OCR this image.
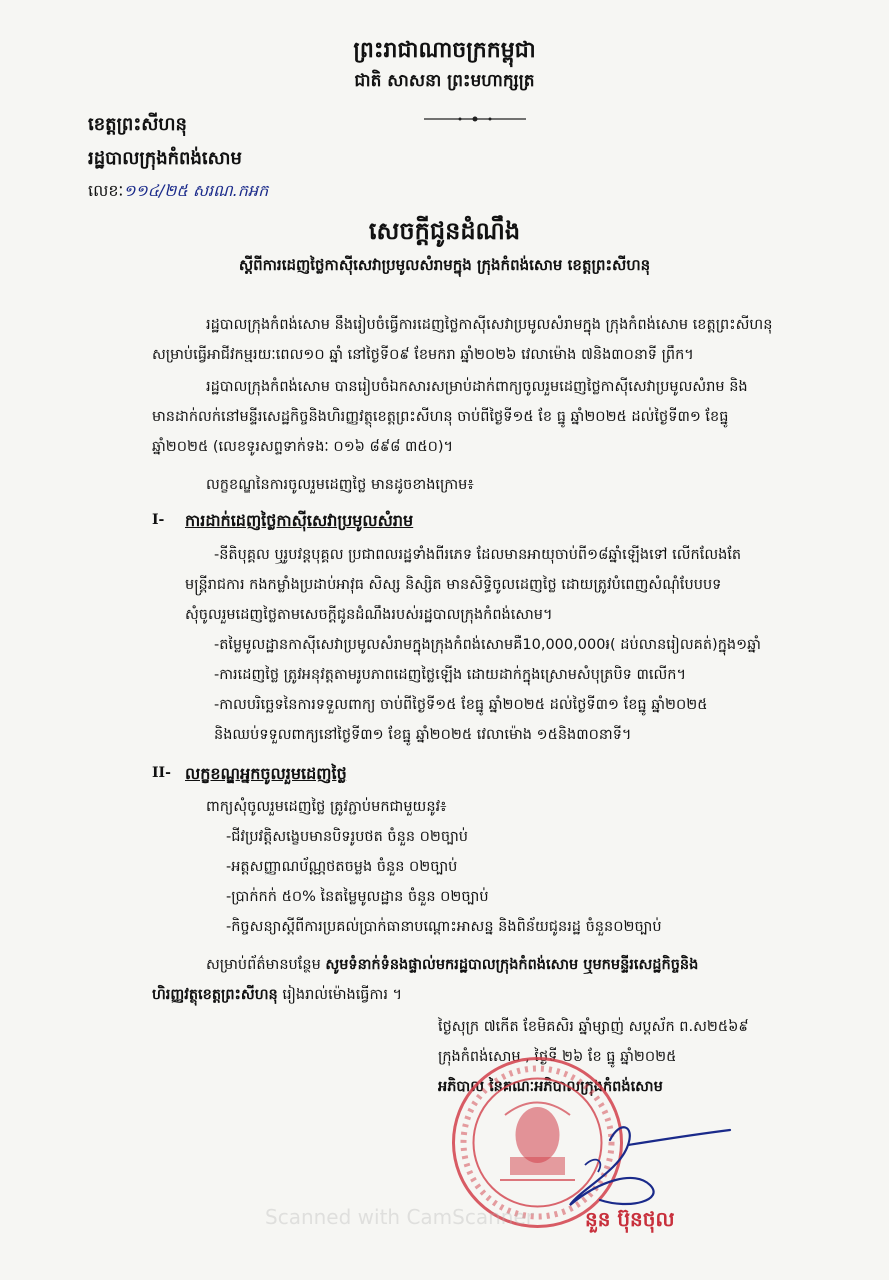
ព្រះរាជាណាចក្រកម្ពុជា
ជាតិ សាសនា ព្រះមហាក្សត្រ
ខេត្តព្រះសីហនុ
រដ្ឋបាលក្រុងកំពង់សោម
លេខៈ១១៤/២៥ សរណ.កអក
សេចក្តីជូនដំណឹង
ស្តីពីការដេញថ្លៃកាស៊ីសេវាប្រមូលសំរាមក្នុង ក្រុងកំពង់សោម ខេត្តព្រះសីហនុ
រដ្ឋបាលក្រុងកំពង់សោម នឹងរៀបចំធ្វើការដេញថ្លៃកាស៊ីសេវាប្រមូលសំរាមក្នុង ក្រុងកំពង់សោម ខេត្តព្រះសីហនុ
សម្រាប់ធ្វើអាជីវកម្មរយៈពេល១០ ឆ្នាំ នៅថ្ងៃទី០៩ ខែមករា ឆ្នាំ២០២៦ វេលាម៉ោង ៧និង៣០នាទី ព្រឹក។
រដ្ឋបាលក្រុងកំពង់សោម បានរៀបចំឯកសារសម្រាប់ដាក់ពាក្យចូលរួមដេញថ្លៃកាស៊ីសេវាប្រមូលសំរាម និង
មានដាក់លក់នៅមន្ទីរសេដ្ឋកិច្ចនិងហិរញ្ញវត្ថុខេត្តព្រះសីហនុ ចាប់ពីថ្ងៃទី១៥ ខែ ធ្នូ ឆ្នាំ២០២៥ ដល់ថ្ងៃទី៣១ ខែធ្នូ
ឆ្នាំ២០២៥ (លេខទូរសព្ទទាក់ទងៈ ០១៦ ៨៩៨ ៣៥០)។
លក្ខខណ្ឌនៃការចូលរួមដេញថ្លៃ មានដូចខាងក្រោម៖
I- ការដាក់ដេញថ្លៃកាស៊ីសេវាប្រមូលសំរាម
-នីតិបុគ្គល ឬរូបវន្តបុគ្គល ប្រជាពលរដ្ឋទាំងពីរភេទ ដែលមានអាយុចាប់ពី១៨ឆ្នាំឡើងទៅ លើកលែងតែ
មន្ត្រីរាជការ កងកម្លាំងប្រដាប់អាវុធ សិស្ស និស្សិត មានសិទ្ធិចូលដេញថ្លៃ ដោយត្រូវបំពេញសំណុំបែបបទ
សុំចូលរួមដេញថ្លៃតាមសេចក្តីជូនដំណឹងរបស់រដ្ឋបាលក្រុងកំពង់សោម។
-តម្លៃមូលដ្ឋានកាស៊ីសេវាប្រមូលសំរាមក្នុងក្រុងកំពង់សោមគឺ10,000,000៛( ដប់លានរៀលគត់)ក្នុង១ឆ្នាំ
-ការដេញថ្លៃ ត្រូវអនុវត្តតាមរូបភាពដេញថ្លៃឡើង ដោយដាក់ក្នុងស្រោមសំបុត្របិទ ៣លើក។
-កាលបរិច្ឆេទនៃការទទួលពាក្យ ចាប់ពីថ្ងៃទី១៥ ខែធ្នូ ឆ្នាំ២០២៥ ដល់ថ្ងៃទី៣១ ខែធ្នូ ឆ្នាំ២០២៥
និងឈប់ទទួលពាក្យនៅថ្ងៃទី៣១ ខែធ្នូ ឆ្នាំ២០២៥ វេលាម៉ោង ១៥និង៣០នាទី។
II- លក្ខខណ្ឌអ្នកចូលរួមដេញថ្លៃ
ពាក្យសុំចូលរួមដេញថ្លៃ ត្រូវភ្ជាប់មកជាមួយនូវ៖
-ជីវប្រវត្តិសង្ខេបមានបិទរូបថត ចំនួន ០២ច្បាប់
-អត្តសញ្ញាណប័ណ្ណថតចម្លង ចំនួន ០២ច្បាប់
-ប្រាក់កក់ ៥០% នៃតម្លៃមូលដ្ឋាន ចំនួន ០២ច្បាប់
-កិច្ចសន្យាស្តីពីការប្រគល់ប្រាក់ធានាបណ្តោះអាសន្ន និងពិន័យជូនរដ្ឋ ចំនួន០២ច្បាប់
សម្រាប់ព័ត៌មានបន្ថែម សូមទំនាក់ទំនងផ្ទាល់មករដ្ឋបាលក្រុងកំពង់សោម ឬមកមន្ទីរសេដ្ឋកិច្ចនិង
ហិរញ្ញវត្ថុខេត្តព្រះសីហនុ រៀងរាល់ម៉ោងធ្វើការ ។
ថ្ងៃសុក្រ ៧កើត ខែមិគសិរ ឆ្នាំម្សាញ់ សប្តស័ក ព.ស២៥៦៩
ក្រុងកំពង់សោម , ថ្ងៃទី ២៦ ខែ ធ្នូ ឆ្នាំ២០២៥
អភិបាល នៃគណៈអភិបាលក្រុងកំពង់សោម
នួន ប៊ុនថុល
Scanned with CamScanner
